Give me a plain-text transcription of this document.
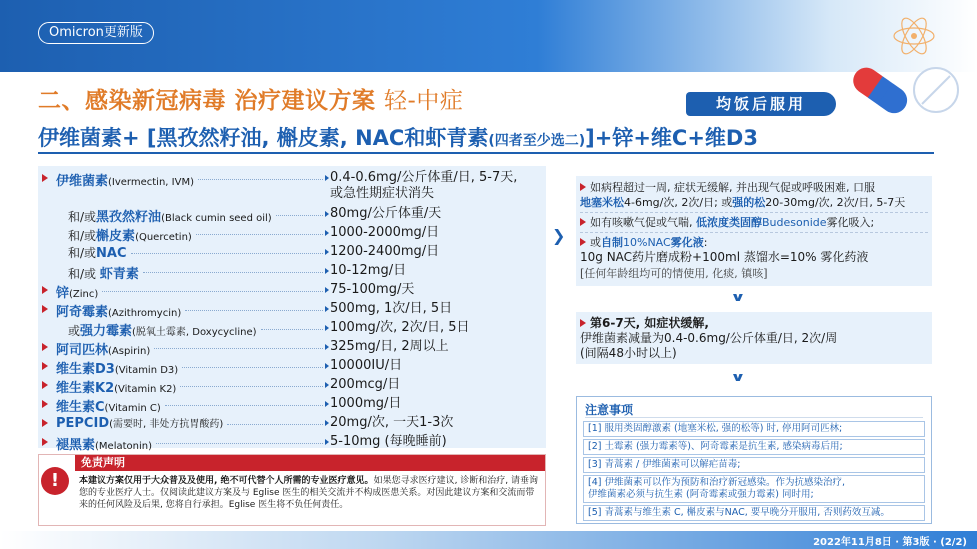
Omicron更新版
二、感染新冠病毒 治疗建议方案 轻-中症	均饭后服用
伊维菌素+ [黑孜然籽油, 槲皮素, NAC和虾青素(四者至少选二)]+锌+维C+维D3
伊维菌素(Ivermectin, IVM)	0.4-0.6mg/公斤体重/日, 5-7天,
或急性期症状消失
和/或黑孜然籽油(Black cumin seed oil)	80mg/公斤体重/天
和/或槲皮素(Quercetin)	1000-2000mg/日
和/或NAC	1200-2400mg/日
和/或 虾青素	10-12mg/日
锌(Zinc)	75-100mg/天
阿奇霉素(Azithromycin)	500mg, 1次/日, 5日
或强力霉素(脱氧土霉素, Doxycycline)	100mg/次, 2次/日, 5日
阿司匹林(Aspirin)	325mg/日, 2周以上
维生素D3(Vitamin D3)	10000IU/日
维生素K2(Vitamin K2)	200mcg/日
维生素C(Vitamin C)	1000mg/日
PEPCID(需要时, 非处方抗胃酸药)	20mg/次, 一天1-3次
褪黑素(Melatonin)	5-10mg (每晚睡前)
!
免责声明
本建议方案仅用于大众普及及使用, 绝不可代替个人所需的专业医疗意见。如果您寻求医疗建议, 诊断和治疗, 请垂询您的专业医疗人士。仅阅读此建议方案及与 Eglise 医生的相关交流并不构成医患关系。对因此建议方案和交流而带来的任何风险及后果, 您将自行承担。Eglise 医生将不负任何责任。
❯
如病程超过一周, 症状无缓解, 并出现气促或呼吸困难, 口服
地塞米松4-6mg/次, 2次/日; 或强的松20-30mg/次, 2次/日, 5-7天
如有咳嗽气促或气喘, 低浓度类固醇Budesonide雾化吸入;
或自制10%NAC雾化液:
10g NAC药片磨成粉+100ml 蒸馏水=10% 雾化药液
[任何年龄组均可的情使用, 化痰, 镇咳]
∨
第6-7天, 如症状缓解,
伊维菌素减量为0.4-0.6mg/公斤体重/日, 2次/周
(间隔48小时以上)
∨
注意事项
[1] 服用类固醇激素 (地塞米松, 强的松等) 时, 停用阿司匹林;
[2] 土霉素 (强力霉素等)、阿奇霉素是抗生素, 感染病毒后用;
[3] 青蒿素 / 伊维菌素可以解疟苗毒;
[4] 伊维菌素可以作为预防和治疗新冠感染。作为抗感染治疗,
伊维菌素必须与抗生素 (阿奇霉素或强力霉素) 同时用;
[5] 青蒿素与维生素 C, 槲皮素与NAC, 要早晚分开服用, 否则药效互减。
2022年11月8日 · 第3版 · (2/2)
